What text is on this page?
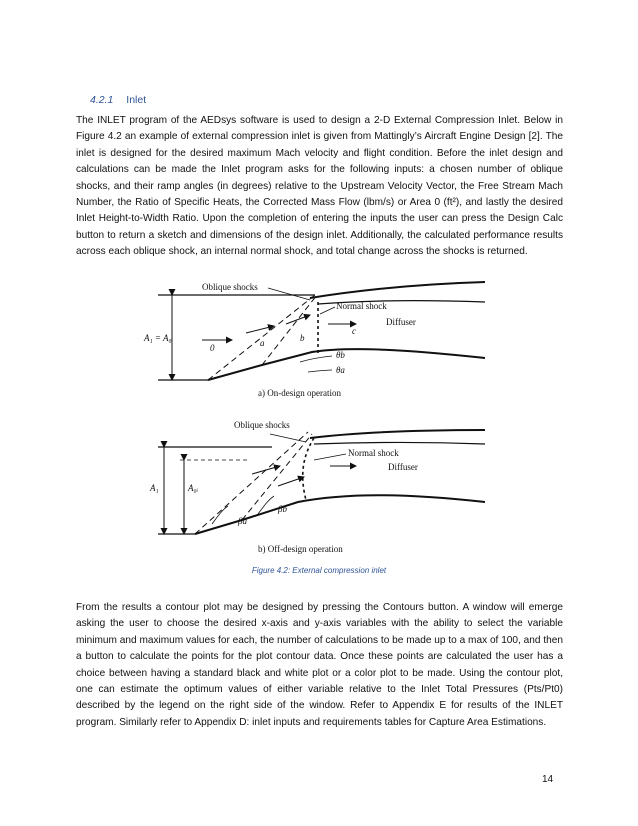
4.2.1 Inlet

The INLET program of the AEDsys software is used to design a 2-D External Compression Inlet. Below in Figure 4.2 an example of external compression inlet is given from Mattingly’s Aircraft Engine Design [2]. The inlet is designed for the desired maximum Mach velocity and flight condition. Before the inlet design and calculations can be made the Inlet program asks for the following inputs: a chosen number of oblique shocks, and their ramp angles (in degrees) relative to the Upstream Velocity Vector, the Free Stream Mach Number, the Ratio of Specific Heats, the Corrected Mass Flow (lbm/s) or Area 0 (ft²), and lastly the desired Inlet Height-to-Width Ratio. Upon the completion of entering the inputs the user can press the Design Calc button to return a sketch and dimensions of the design inlet. Additionally, the calculated performance results across each oblique shock, an internal normal shock, and total change across the shocks is returned.

Oblique shocks
Normal shock
Diffuser
A₁ = A₀ᵢ
0	a	b
c
θb
θa
a) On-design operation
Oblique shocks
Normal shock
Diffuser
A₁	A₀ᵢ
βa
βb
b) Off-design operation
Figure 4.2: External compression inlet

From the results a contour plot may be designed by pressing the Contours button. A window will emerge asking the user to choose the desired x-axis and y-axis variables with the ability to select the variable minimum and maximum values for each, the number of calculations to be made up to a max of 100, and then a button to calculate the points for the plot contour data. Once these points are calculated the user has a choice between having a standard black and white plot or a color plot to be made. Using the contour plot, one can estimate the optimum values of either variable relative to the Inlet Total Pressures (Pts/Pt0) described by the legend on the right side of the window. Refer to Appendix E for results of the INLET program. Similarly refer to Appendix D: inlet inputs and requirements tables for Capture Area Estimations.

14
